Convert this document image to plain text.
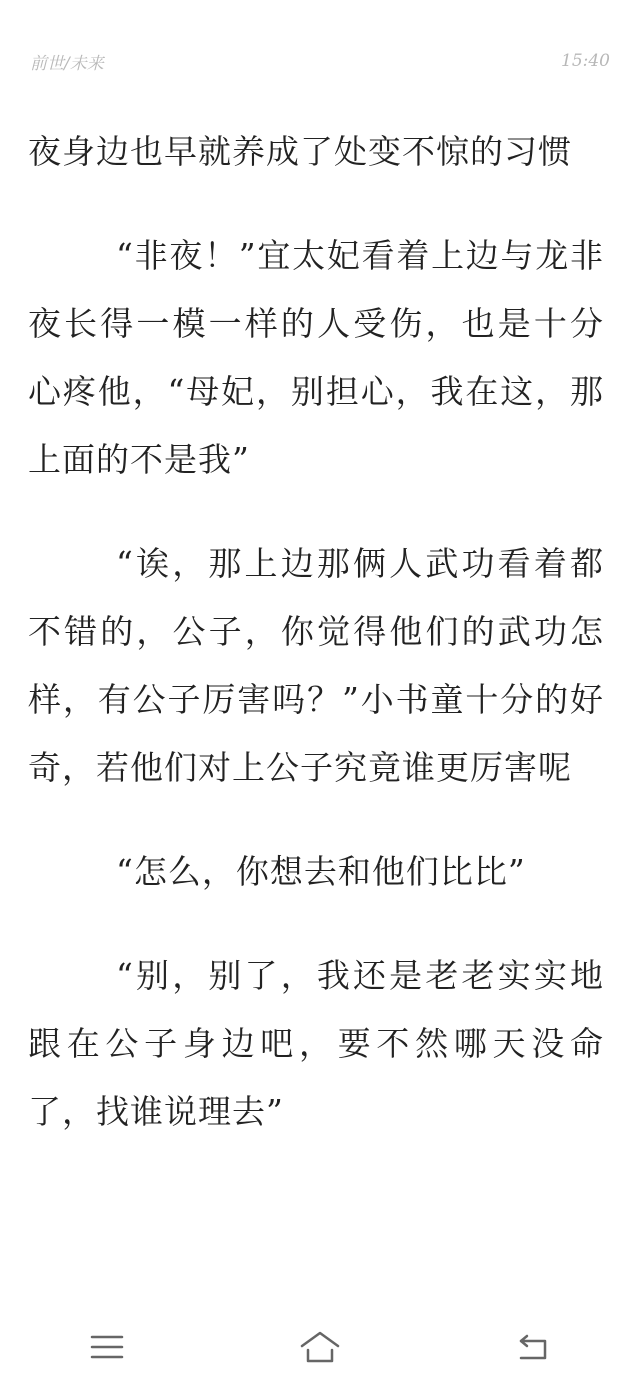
前世/未来	15:40

夜身边也早就养成了处变不惊的习惯

“非夜！”宜太妃看着上边与龙非夜长得一模一样的人受伤，也是十分心疼他，“母妃，别担心，我在这，那上面的不是我”

“诶，那上边那俩人武功看着都不错的，公子，你觉得他们的武功怎样，有公子厉害吗？”小书童十分的好奇，若他们对上公子究竟谁更厉害呢

“怎么，你想去和他们比比”

“别，别了，我还是老老实实地跟在公子身边吧，要不然哪天没命了，找谁说理去”
